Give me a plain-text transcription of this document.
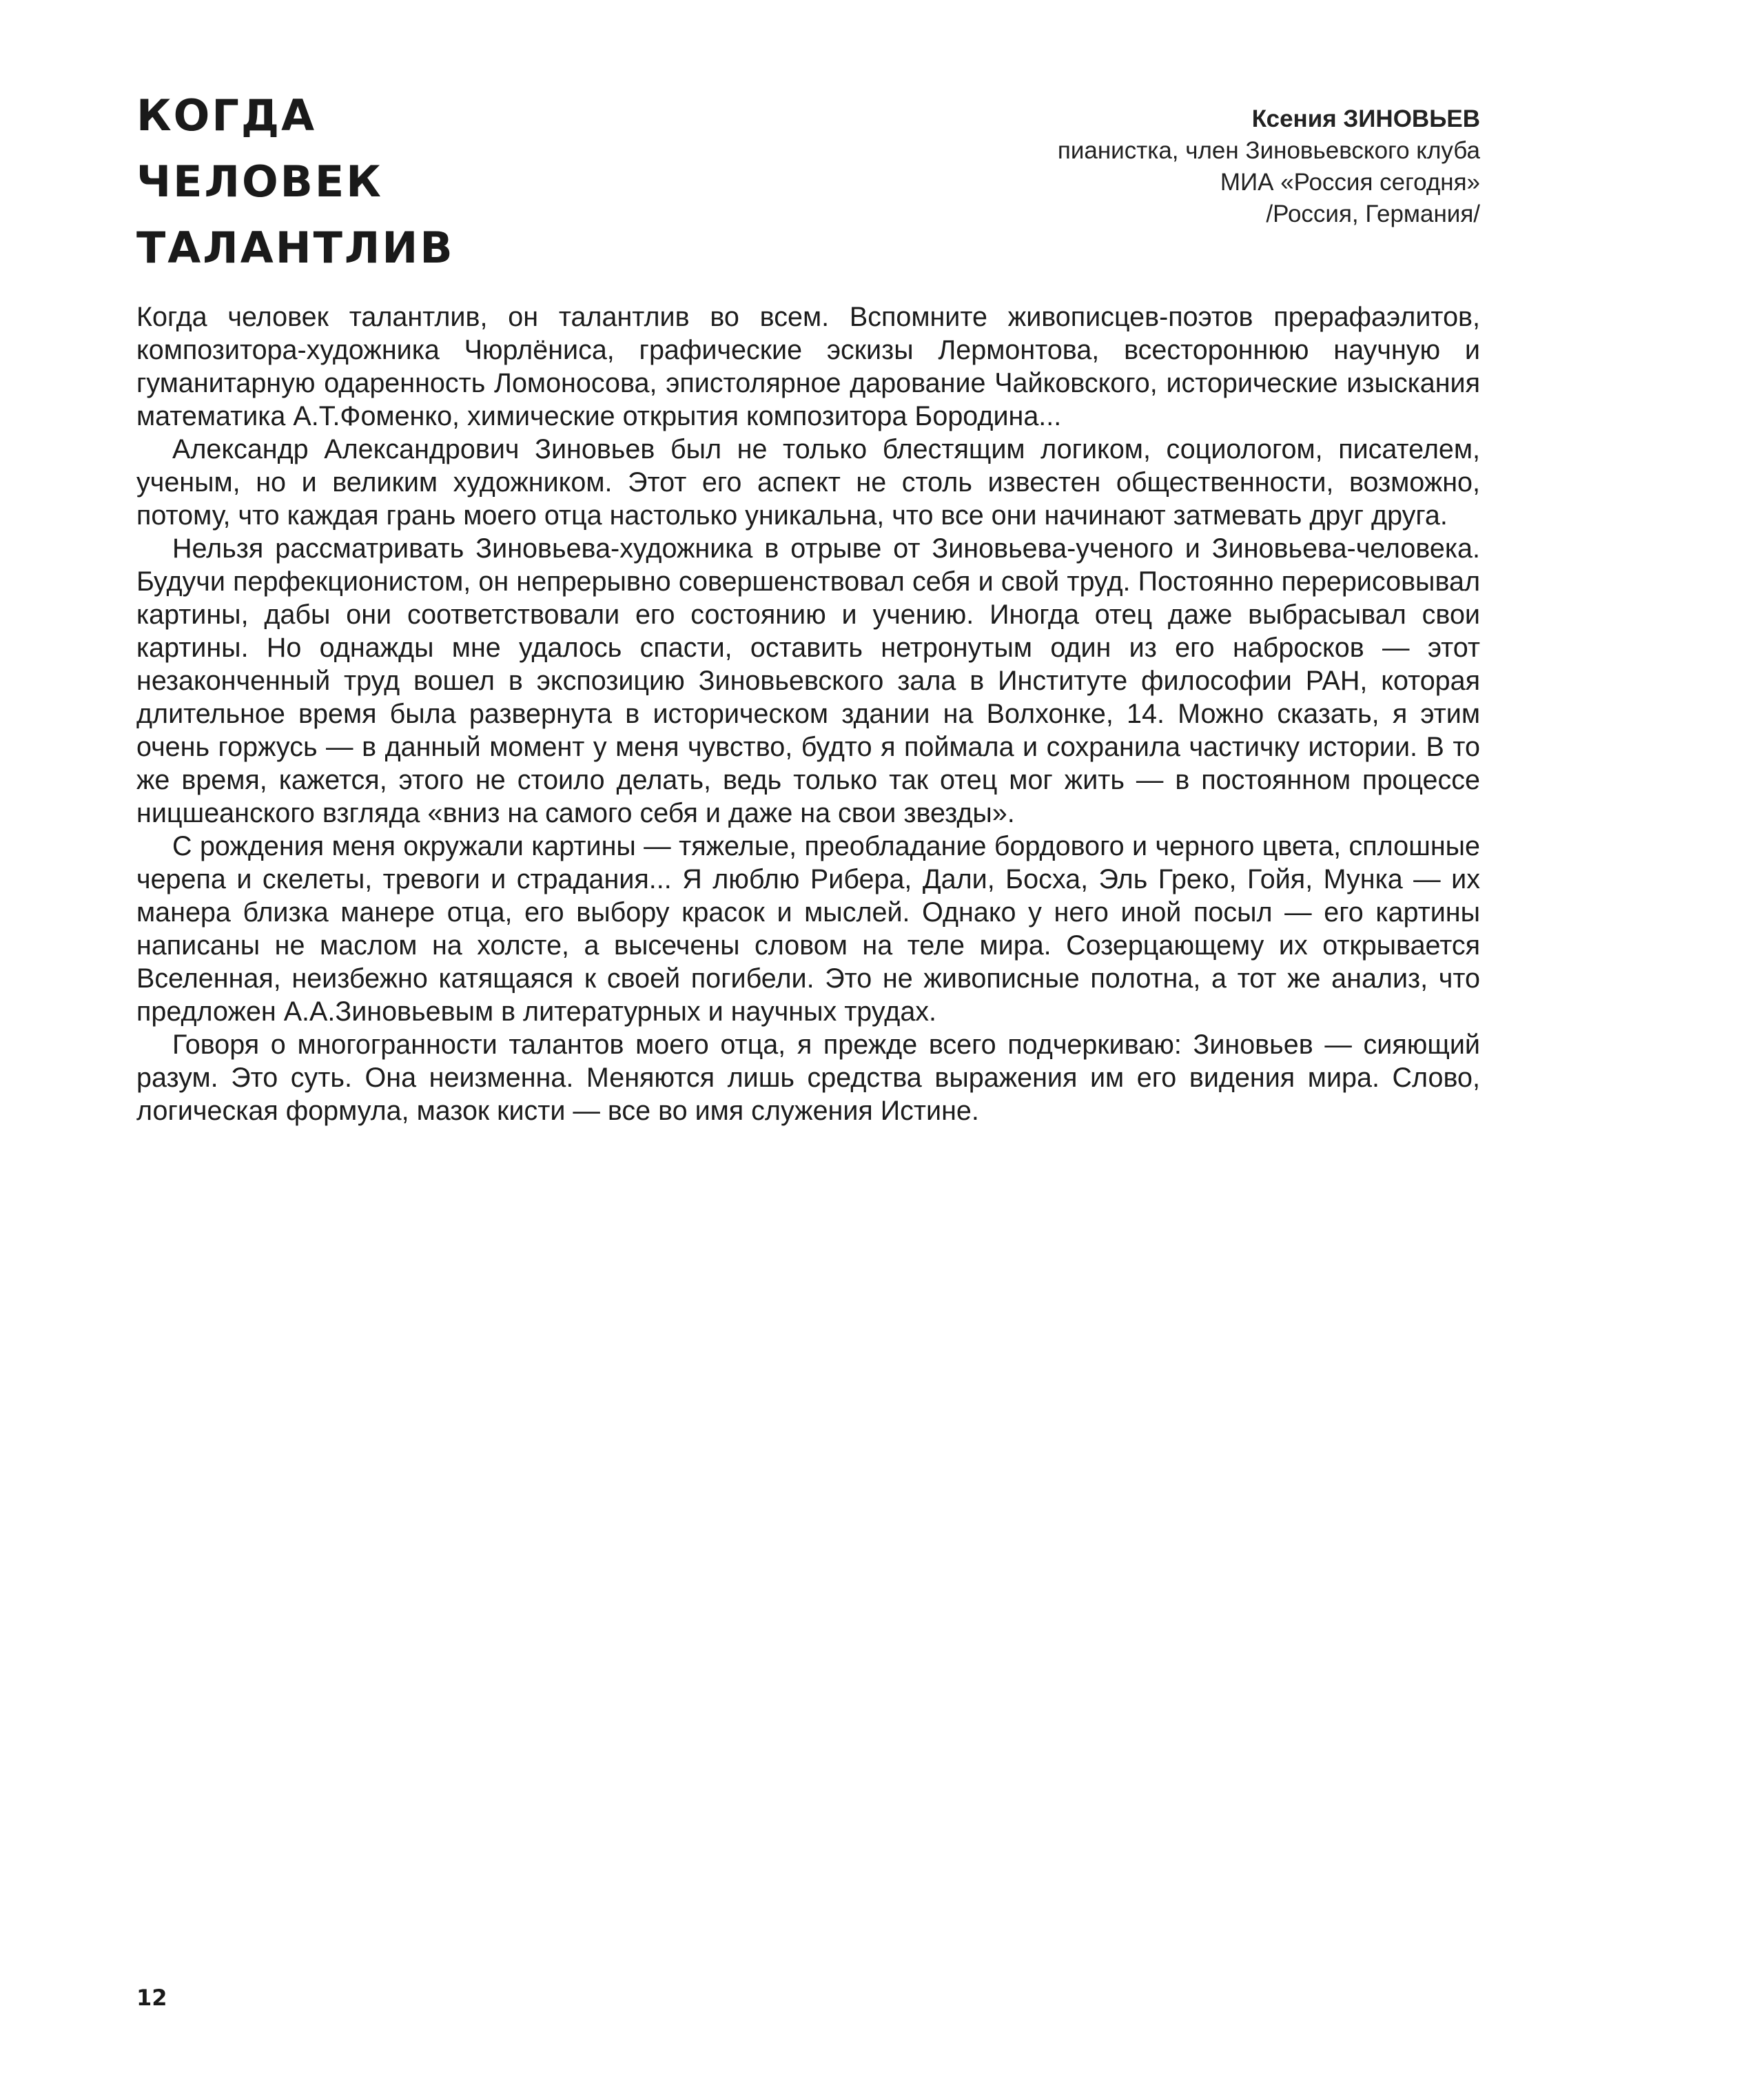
КОГДА
ЧЕЛОВЕК
ТАЛАНТЛИВ
Ксения ЗИНОВЬЕВ
пианистка, член Зиновьевского клуба
МИА «Россия сегодня»
/Россия, Германия/

Когда человек талантлив, он талантлив во всем. Вспомните живописцев-поэтов прерафаэлитов, композитора-художника Чюрлёниса, графические эскизы Лермонтова, всестороннюю научную и гуманитарную одаренность Ломоносова, эпистолярное дарование Чайковского, исторические изыскания математика А.Т.Фоменко, химические открытия композитора Бородина...

Александр Александрович Зиновьев был не только блестящим логиком, социологом, писателем, ученым, но и великим художником. Этот его аспект не столь известен общественности, возможно, потому, что каждая грань моего отца настолько уникальна, что все они начинают затмевать друг друга.

Нельзя рассматривать Зиновьева-художника в отрыве от Зиновьева-ученого и Зиновьева-человека. Будучи перфекционистом, он непрерывно совершенствовал себя и свой труд. Постоянно перерисовывал картины, дабы они соответствовали его состоянию и учению. Иногда отец даже выбрасывал свои картины. Но однажды мне удалось спасти, оставить нетронутым один из его набросков — этот незаконченный труд вошел в экспозицию Зиновьевского зала в Институте философии РАН, которая длительное время была развернута в историческом здании на Волхонке, 14. Можно сказать, я этим очень горжусь — в данный момент у меня чувство, будто я поймала и сохранила частичку истории. В то же время, кажется, этого не стоило делать, ведь только так отец мог жить — в постоянном процессе ницшеанского взгляда «вниз на самого себя и даже на свои звезды».

С рождения меня окружали картины — тяжелые, преобладание бордового и черного цвета, сплошные черепа и скелеты, тревоги и страдания... Я люблю Рибера, Дали, Босха, Эль Греко, Гойя, Мунка — их манера близка манере отца, его выбору красок и мыслей. Однако у него иной посыл — его картины написаны не маслом на холсте, а высечены словом на теле мира. Созерцающему их открывается Вселенная, неизбежно катящаяся к своей погибели. Это не живописные полотна, а тот же анализ, что предложен А.А.Зиновьевым в литературных и научных трудах.

Говоря о многогранности талантов моего отца, я прежде всего подчеркиваю: Зиновьев — сияющий разум. Это суть. Она неизменна. Меняются лишь средства выражения им его видения мира. Слово, логическая формула, мазок кисти — все во имя служения Истине.

12
